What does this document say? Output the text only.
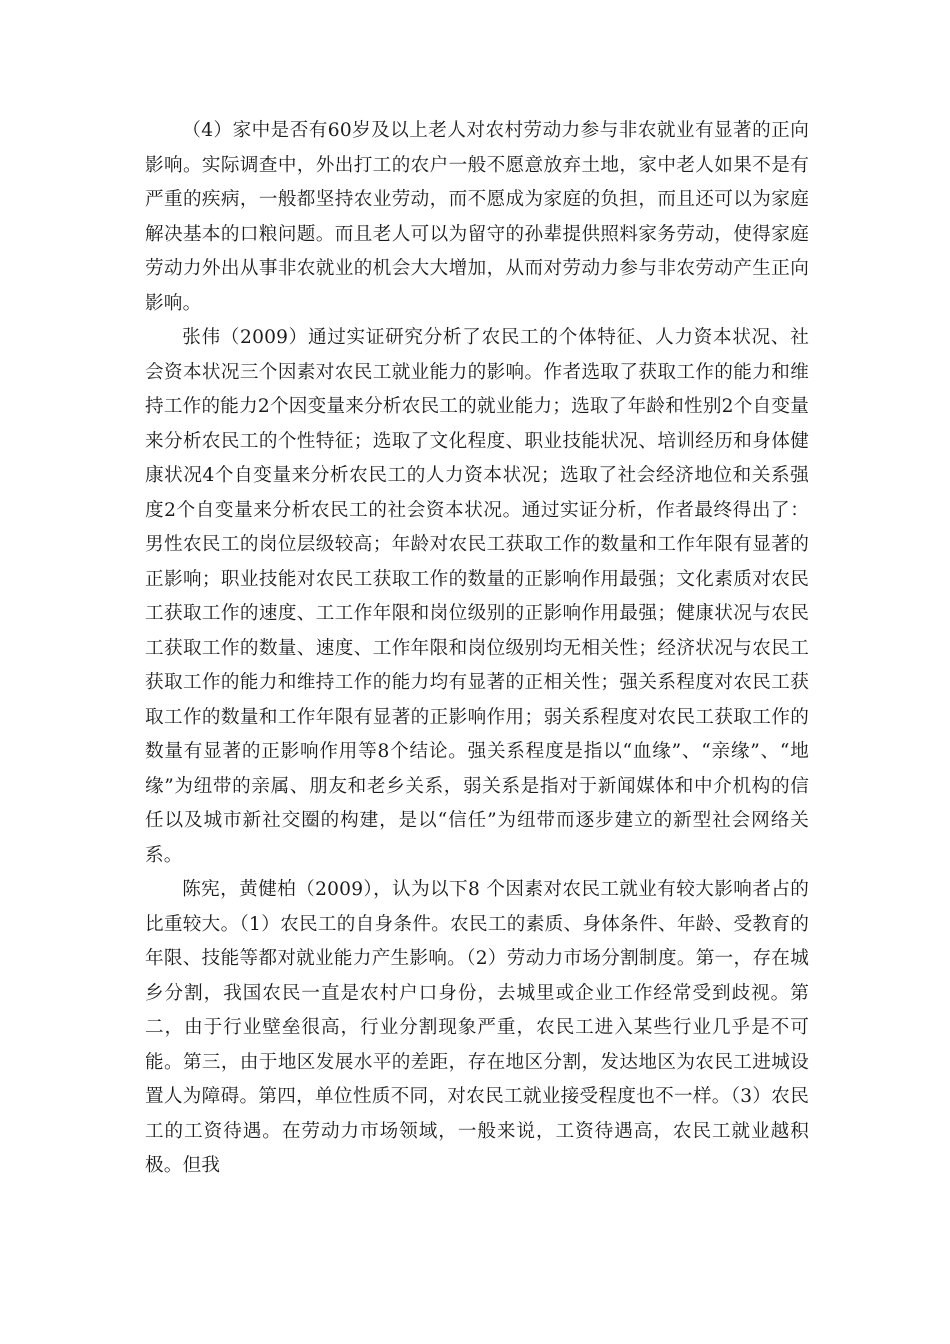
（4）家中是否有60岁及以上老人对农村劳动力参与非农就业有显著的正向影响。实际调查中，外出打工的农户一般不愿意放弃土地，家中老人如果不是有严重的疾病，一般都坚持农业劳动，而不愿成为家庭的负担，而且还可以为家庭解决基本的口粮问题。而且老人可以为留守的孙辈提供照料家务劳动，使得家庭劳动力外出从事非农就业的机会大大增加，从而对劳动力参与非农劳动产生正向影响。

张伟（2009）通过实证研究分析了农民工的个体特征、人力资本状况、社会资本状况三个因素对农民工就业能力的影响。作者选取了获取工作的能力和维持工作的能力2个因变量来分析农民工的就业能力；选取了年龄和性别2个自变量来分析农民工的个性特征；选取了文化程度、职业技能状况、培训经历和身体健康状况4个自变量来分析农民工的人力资本状况；选取了社会经济地位和关系强度2个自变量来分析农民工的社会资本状况。通过实证分析，作者最终得出了：男性农民工的岗位层级较高；年龄对农民工获取工作的数量和工作年限有显著的正影响；职业技能对农民工获取工作的数量的正影响作用最强；文化素质对农民工获取工作的速度、工工作年限和岗位级别的正影响作用最强；健康状况与农民工获取工作的数量、速度、工作年限和岗位级别均无相关性；经济状况与农民工获取工作的能力和维持工作的能力均有显著的正相关性；强关系程度对农民工获取工作的数量和工作年限有显著的正影响作用；弱关系程度对农民工获取工作的数量有显著的正影响作用等8个结论。强关系程度是指以“血缘”、“亲缘”、“地缘”为纽带的亲属、朋友和老乡关系，弱关系是指对于新闻媒体和中介机构的信任以及城市新社交圈的构建，是以“信任”为纽带而逐步建立的新型社会网络关系。

陈宪，黄健柏（2009），认为以下8 个因素对农民工就业有较大影响者占的比重较大。（1）农民工的自身条件。农民工的素质、身体条件、年龄、受教育的年限、技能等都对就业能力产生影响。（2）劳动力市场分割制度。第一，存在城乡分割，我国农民一直是农村户口身份，去城里或企业工作经常受到歧视。第二，由于行业壁垒很高，行业分割现象严重，农民工进入某些行业几乎是不可能。第三，由于地区发展水平的差距，存在地区分割，发达地区为农民工进城设置人为障碍。第四，单位性质不同，对农民工就业接受程度也不一样。（3）农民工的工资待遇。在劳动力市场领域，一般来说，工资待遇高，农民工就业越积极。但我
